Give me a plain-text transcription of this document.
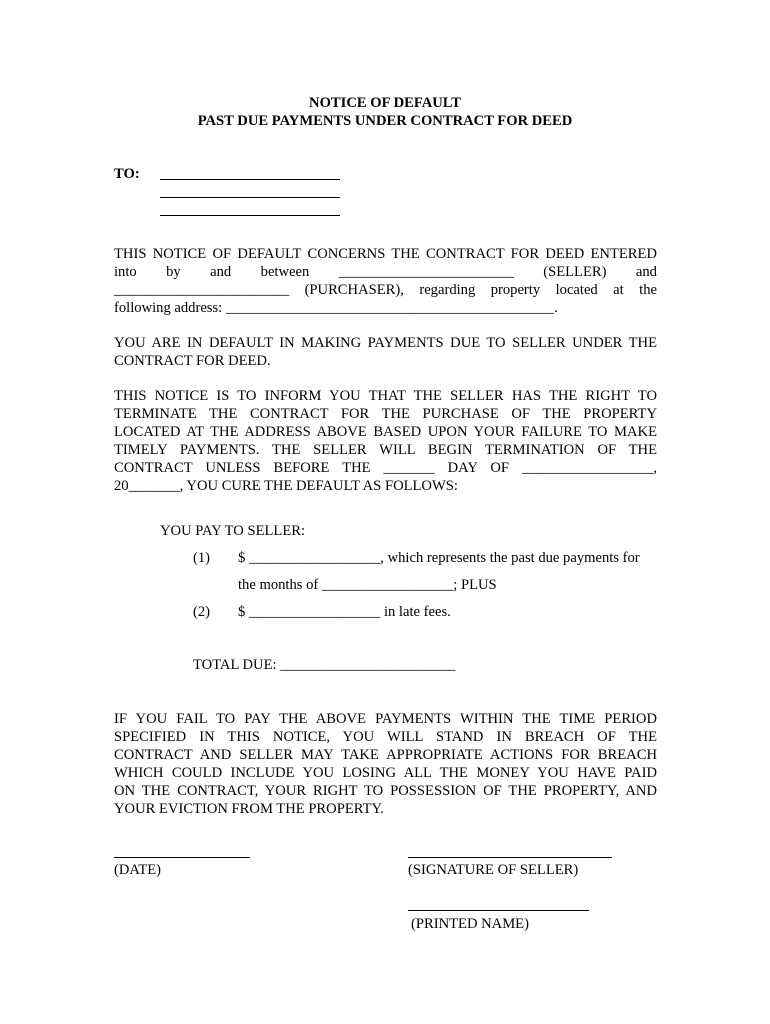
NOTICE OF DEFAULT
PAST DUE PAYMENTS UNDER CONTRACT FOR DEED
TO:
THIS NOTICE OF DEFAULT CONCERNS THE CONTRACT FOR DEED ENTERED
into by and between ________________________ (SELLER) and
________________________ (PURCHASER), regarding property located at the
following address: _____________________________________________.
YOU ARE IN DEFAULT IN MAKING PAYMENTS DUE TO SELLER UNDER THE
CONTRACT FOR DEED.
THIS NOTICE IS TO INFORM YOU THAT THE SELLER HAS THE RIGHT TO
TERMINATE THE CONTRACT FOR THE PURCHASE OF THE PROPERTY
LOCATED AT THE ADDRESS ABOVE BASED UPON YOUR FAILURE TO MAKE
TIMELY PAYMENTS. THE SELLER WILL BEGIN TERMINATION OF THE
CONTRACT UNLESS BEFORE THE _______ DAY OF __________________,
20_______, YOU CURE THE DEFAULT AS FOLLOWS:
YOU PAY TO SELLER:
(1) $ __________________, which represents the past due payments for
the months of __________________; PLUS
(2) $ __________________ in late fees.
TOTAL DUE: ________________________
IF YOU FAIL TO PAY THE ABOVE PAYMENTS WITHIN THE TIME PERIOD
SPECIFIED IN THIS NOTICE, YOU WILL STAND IN BREACH OF THE
CONTRACT AND SELLER MAY TAKE APPROPRIATE ACTIONS FOR BREACH
WHICH COULD INCLUDE YOU LOSING ALL THE MONEY YOU HAVE PAID
ON THE CONTRACT, YOUR RIGHT TO POSSESSION OF THE PROPERTY, AND
YOUR EVICTION FROM THE PROPERTY.
(DATE)	(SIGNATURE OF SELLER)
(PRINTED NAME)
